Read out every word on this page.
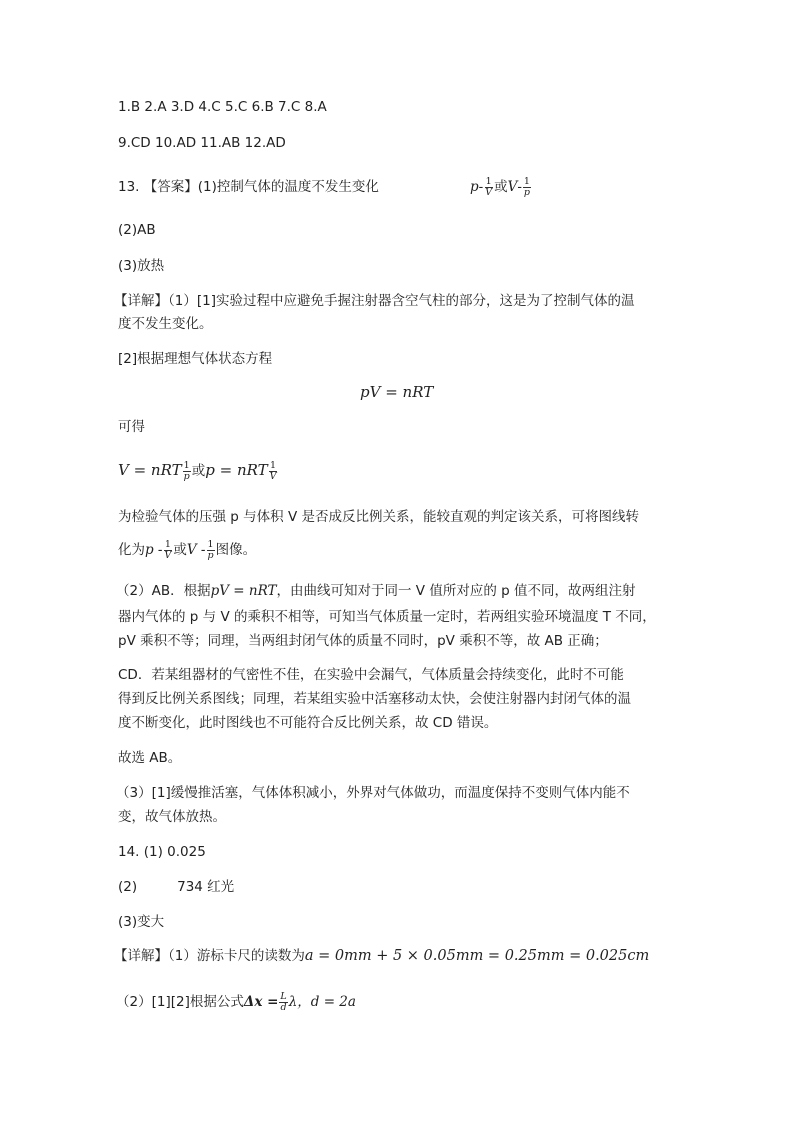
1.B 2.A 3.D 4.C 5.C 6.B 7.C 8.A
9.CD 10.AD 11.AB 12.AD
13. 【答案】(1)控制气体的温度不发生变化	$p- \frac{1}{V}$ 或$V- \frac{1}{p}$
(2)AB
(3)放热
【详解】（1）[1]实验过程中应避免手握注射器含空气柱的部分，这是为了控制气体的温
度不发生变化。
[2]根据理想气体状态方程
pV = nRT
可得
V = nRT $\frac{1}{p}$ 或p = nRT $\frac{1}{V}$
为检验气体的压强 p 与体积 V 是否成反比例关系，能较直观的判定该关系，可将图线转
化为p - $\frac{1}{V}$ 或V - $\frac{1}{p}$ 图像。
（2）AB．根据pV = nRT，由曲线可知对于同一 V 值所对应的 p 值不同，故两组注射
器内气体的 p 与 V 的乘积不相等，可知当气体质量一定时，若两组实验环境温度 T 不同，
pV 乘积不等；同理，当两组封闭气体的质量不同时，pV 乘积不等，故 AB 正确；
CD．若某组器材的气密性不佳，在实验中会漏气，气体质量会持续变化，此时不可能
得到反比例关系图线；同理，若某组实验中活塞移动太快，会使注射器内封闭气体的温
度不断变化，此时图线也不可能符合反比例关系，故 CD 错误。
故选 AB。
（3）[1]缓慢推活塞，气体体积减小，外界对气体做功，而温度保持不变则气体内能不
变，故气体放热。
14. (1) 0.025
(2)	734 红光
(3)变大
【详解】（1）游标卡尺的读数为a = 0mm + 5 × 0.05mm = 0.25mm = 0.025cm
（2）[1][2]根据公式$\Delta x = \frac{L}{d}$ λ，d = 2a
